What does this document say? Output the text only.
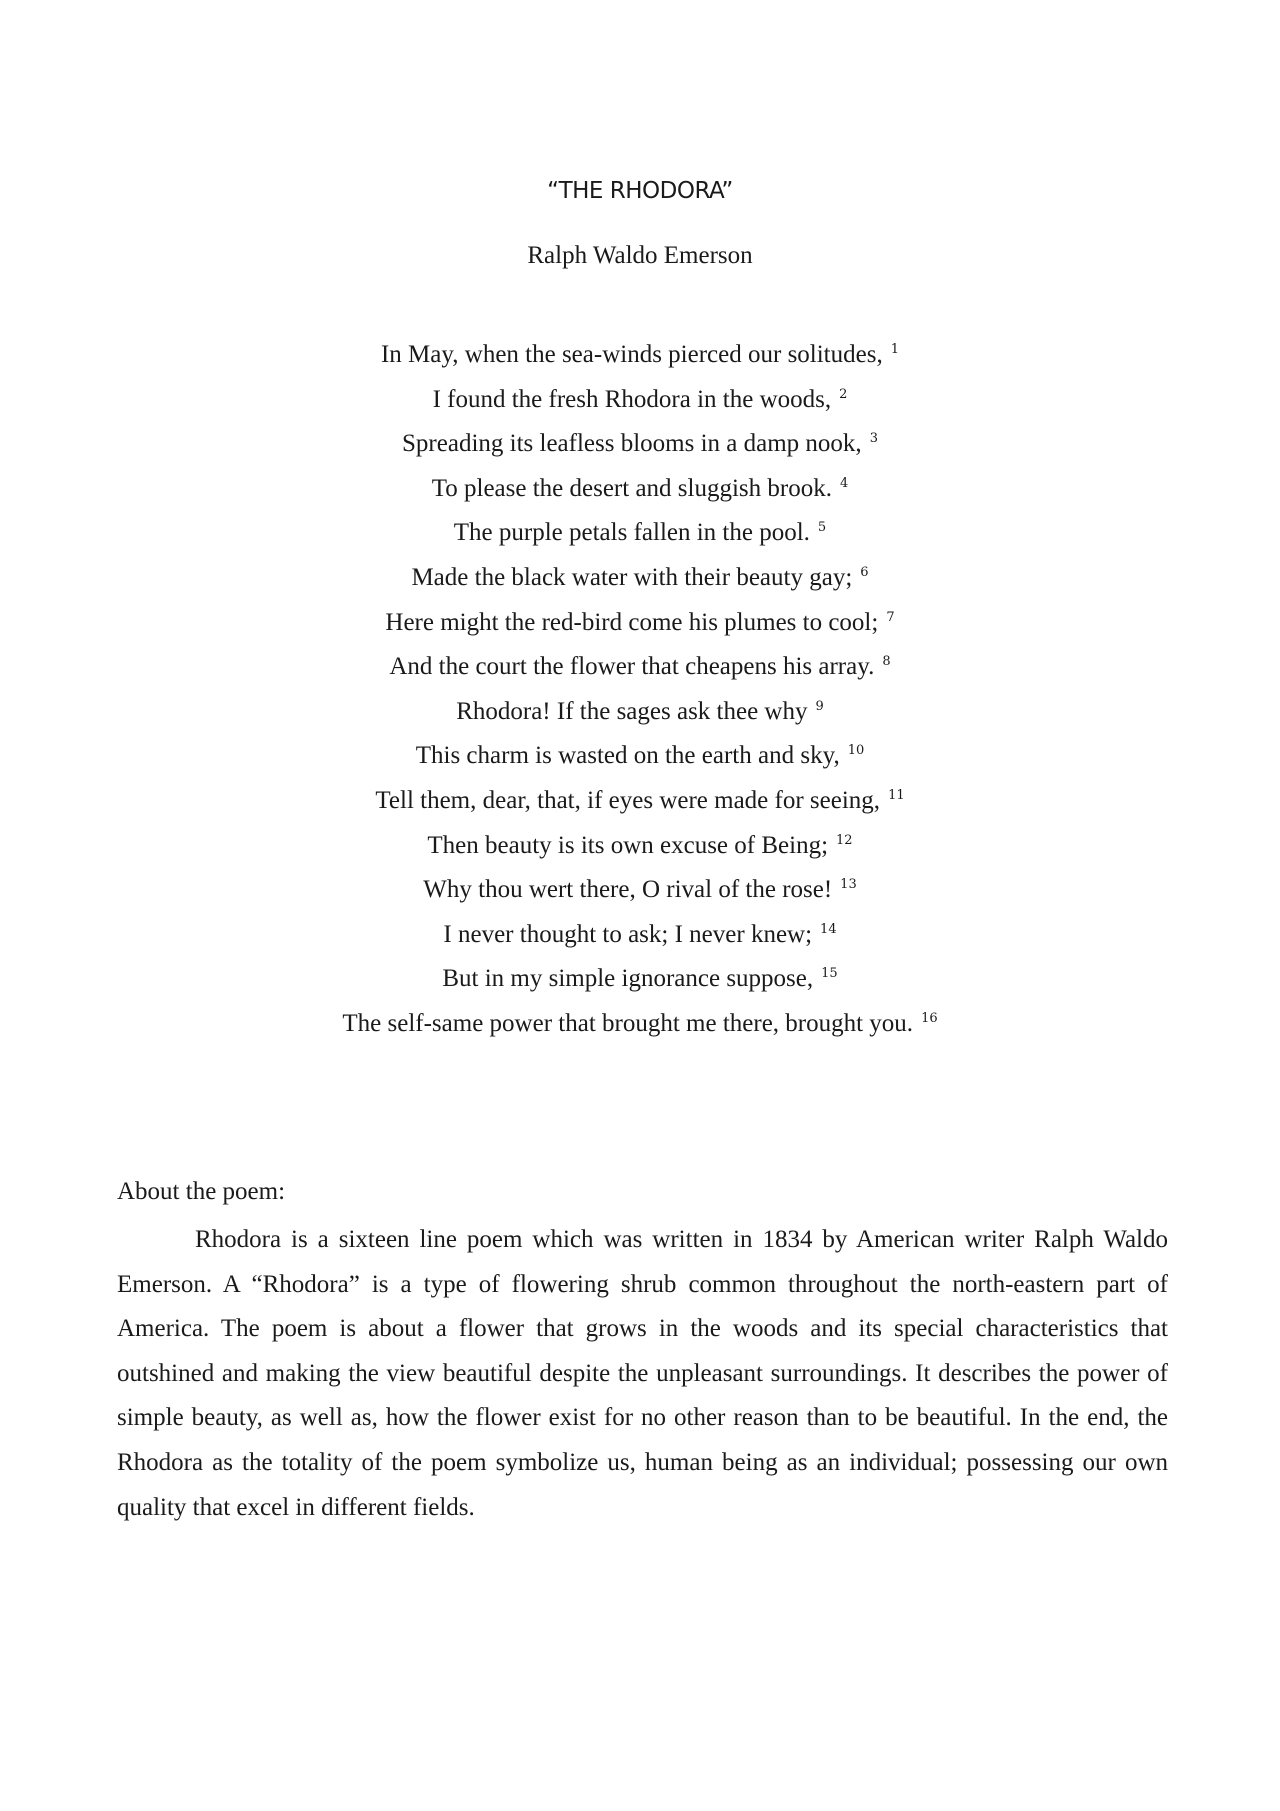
“THE RHODORA”

Ralph Waldo Emerson

In May, when the sea-winds pierced our solitudes, $^1$
I found the fresh Rhodora in the woods, $^2$
Spreading its leafless blooms in a damp nook, $^3$
To please the desert and sluggish brook. $^4$
The purple petals fallen in the pool. $^5$
Made the black water with their beauty gay; $^6$
Here might the red-bird come his plumes to cool; $^7$
And the court the flower that cheapens his array. $^8$
Rhodora! If the sages ask thee why $^9$
This charm is wasted on the earth and sky, $^{10}$
Tell them, dear, that, if eyes were made for seeing, $^{11}$
Then beauty is its own excuse of Being; $^{12}$
Why thou wert there, O rival of the rose! $^{13}$
I never thought to ask; I never knew; $^{14}$
But in my simple ignorance suppose, $^{15}$
The self-same power that brought me there, brought you. $^{16}$
About the poem:

Rhodora is a sixteen line poem which was written in 1834 by American writer Ralph Waldo Emerson. A “Rhodora” is a type of flowering shrub common throughout the north-eastern part of America. The poem is about a flower that grows in the woods and its special characteristics that outshined and making the view beautiful despite the unpleasant surroundings. It describes the power of simple beauty, as well as, how the flower exist for no other reason than to be beautiful. In the end, the Rhodora as the totality of the poem symbolize us, human being as an individual; possessing our own quality that excel in different fields.
